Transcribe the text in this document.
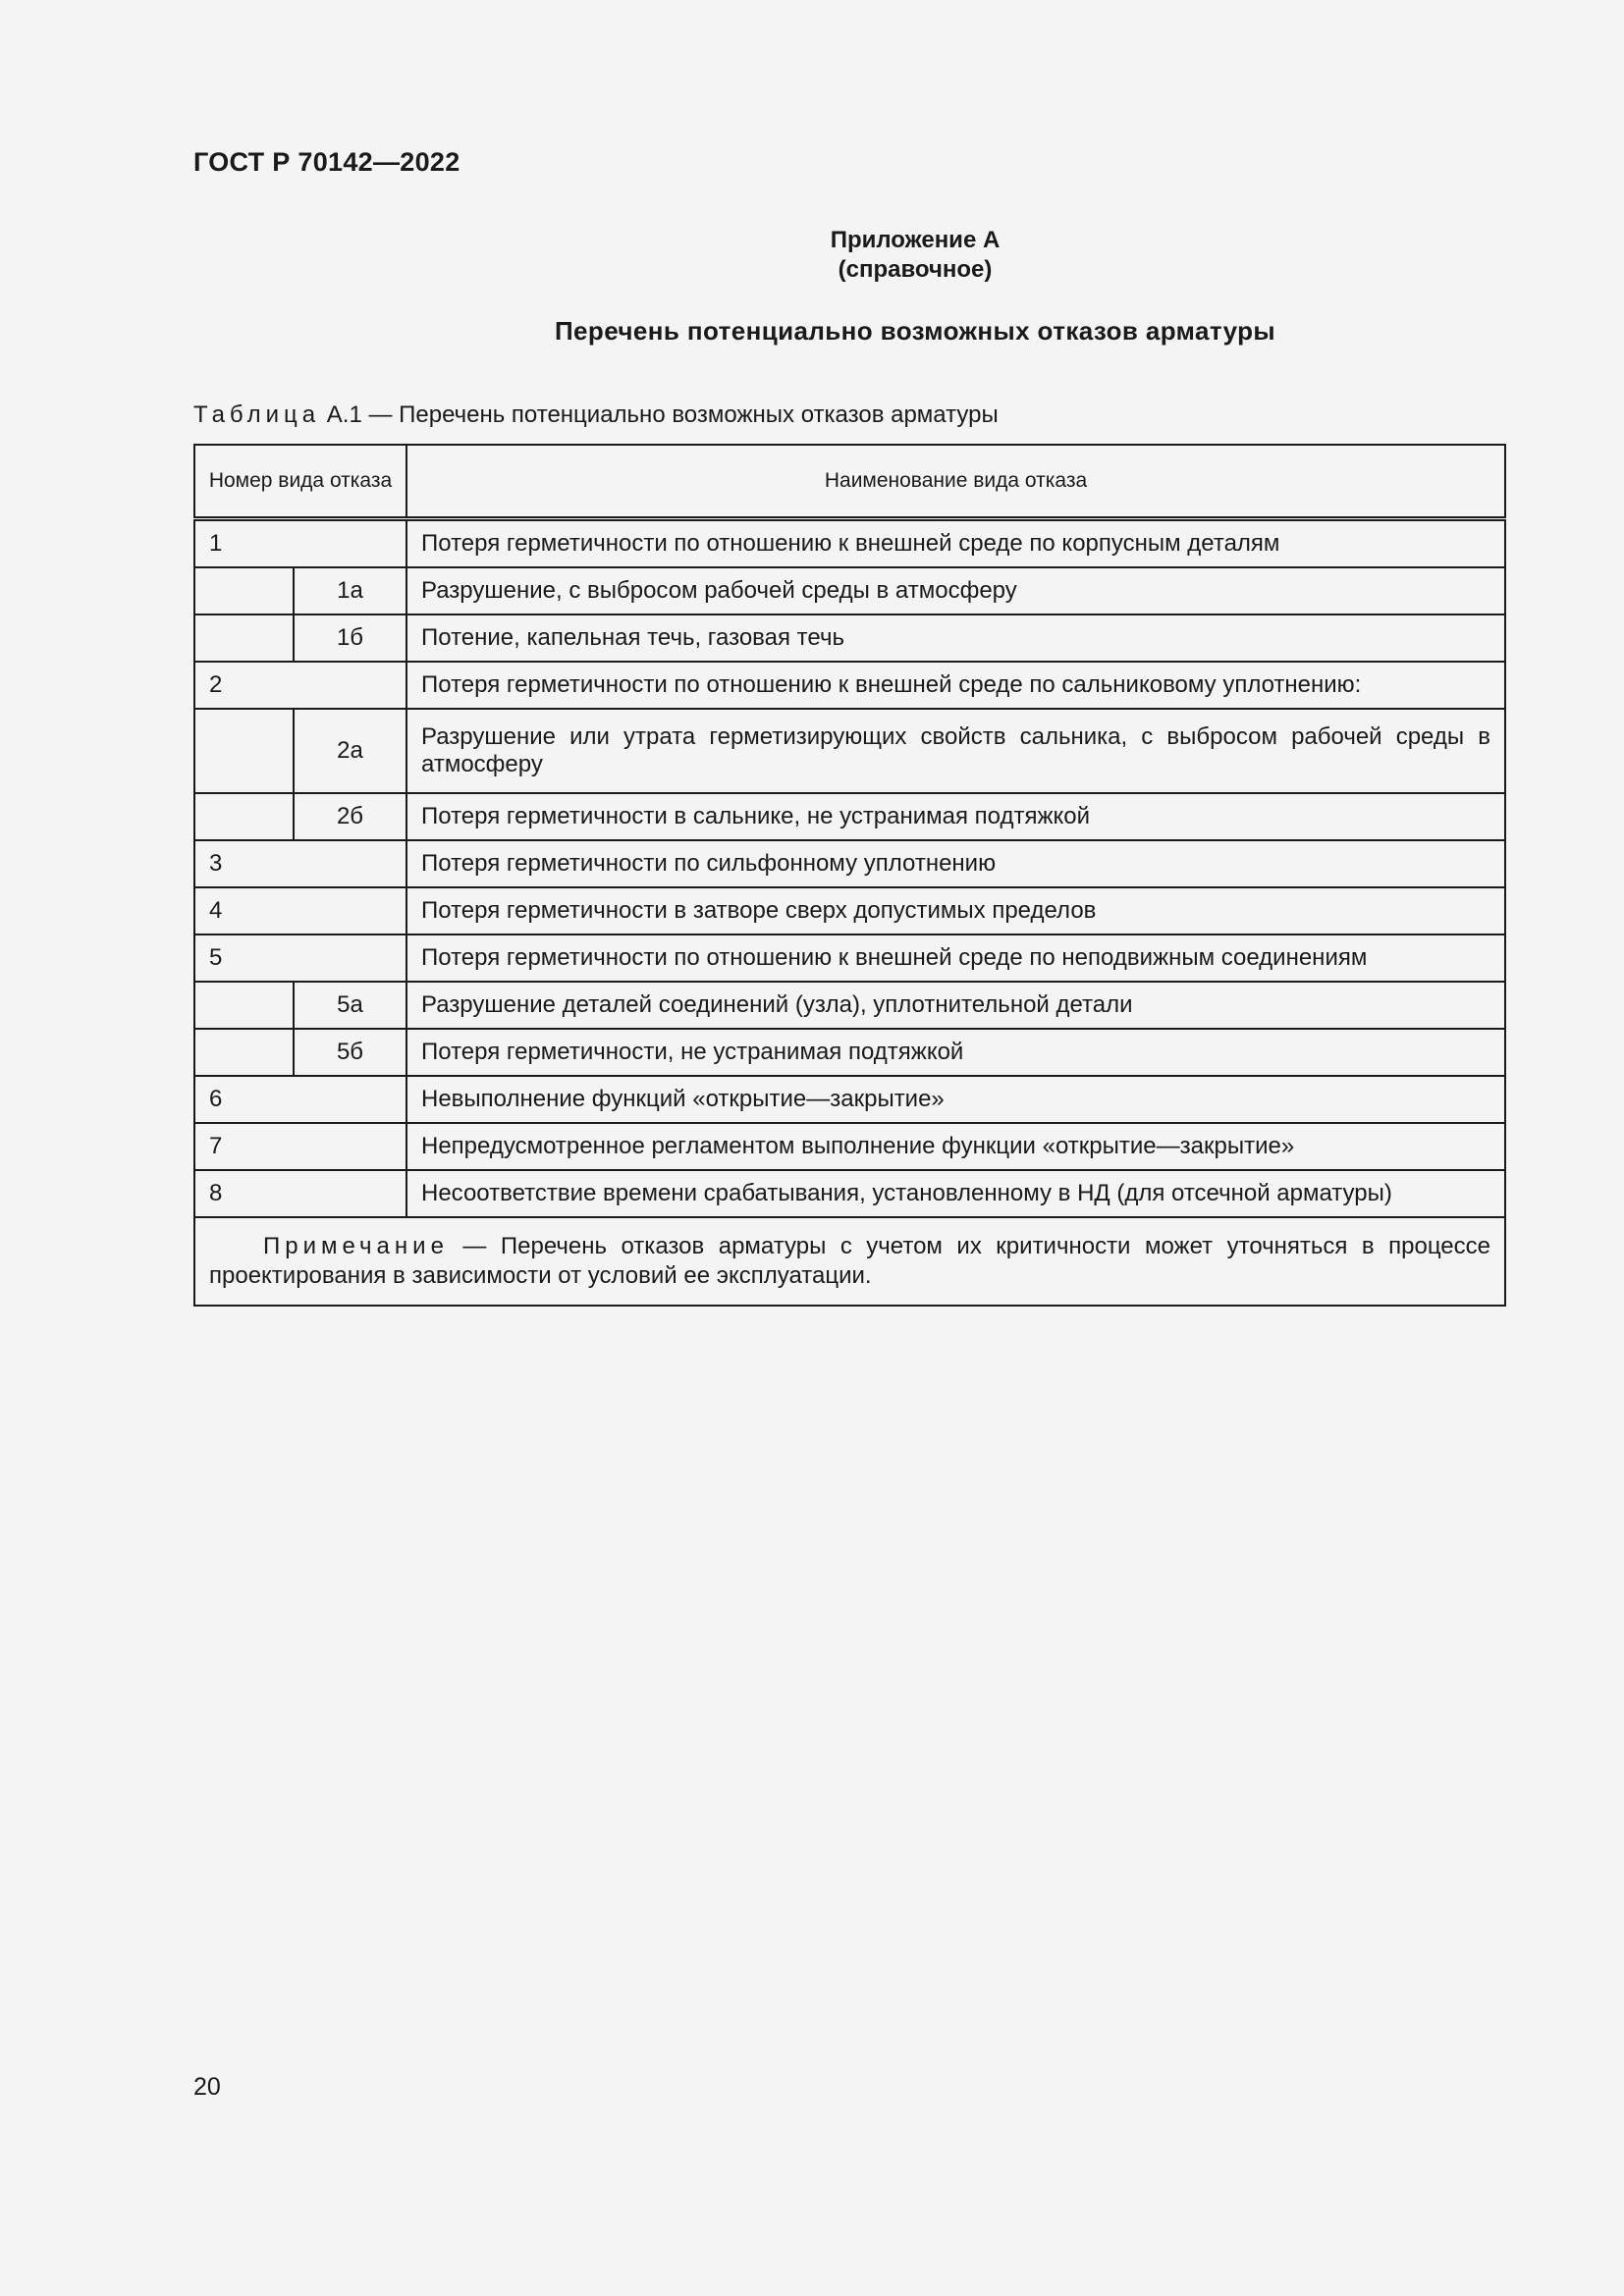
ГОСТ Р 70142—2022
Приложение А
(справочное)
Перечень потенциально возможных отказов арматуры
Таблица А.1 — Перечень потенциально возможных отказов арматуры
Номер вида отказа		Наименование вида отказа
1		Потеря герметичности по отношению к внешней среде по корпусным деталям
	1а	Разрушение, с выбросом рабочей среды в атмосферу
	1б	Потение, капельная течь, газовая течь
2		Потеря герметичности по отношению к внешней среде по сальниковому уплотнению:
	2а	Разрушение или утрата герметизирующих свойств сальника, с выбросом рабочей среды в атмосферу
	2б	Потеря герметичности в сальнике, не устранимая подтяжкой
3		Потеря герметичности по сильфонному уплотнению
4		Потеря герметичности в затворе сверх допустимых пределов
5		Потеря герметичности по отношению к внешней среде по неподвижным соединениям
	5а	Разрушение деталей соединений (узла), уплотнительной детали
	5б	Потеря герметичности, не устранимая подтяжкой
6		Невыполнение функций «открытие—закрытие»
7		Непредусмотренное регламентом выполнение функции «открытие—закрытие»
8		Несоответствие времени срабатывания, установленному в НД (для отсечной арматуры)
Примечание — Перечень отказов арматуры с учетом их критичности может уточняться в процессе проектирования в зависимости от условий ее эксплуатации.		
20
